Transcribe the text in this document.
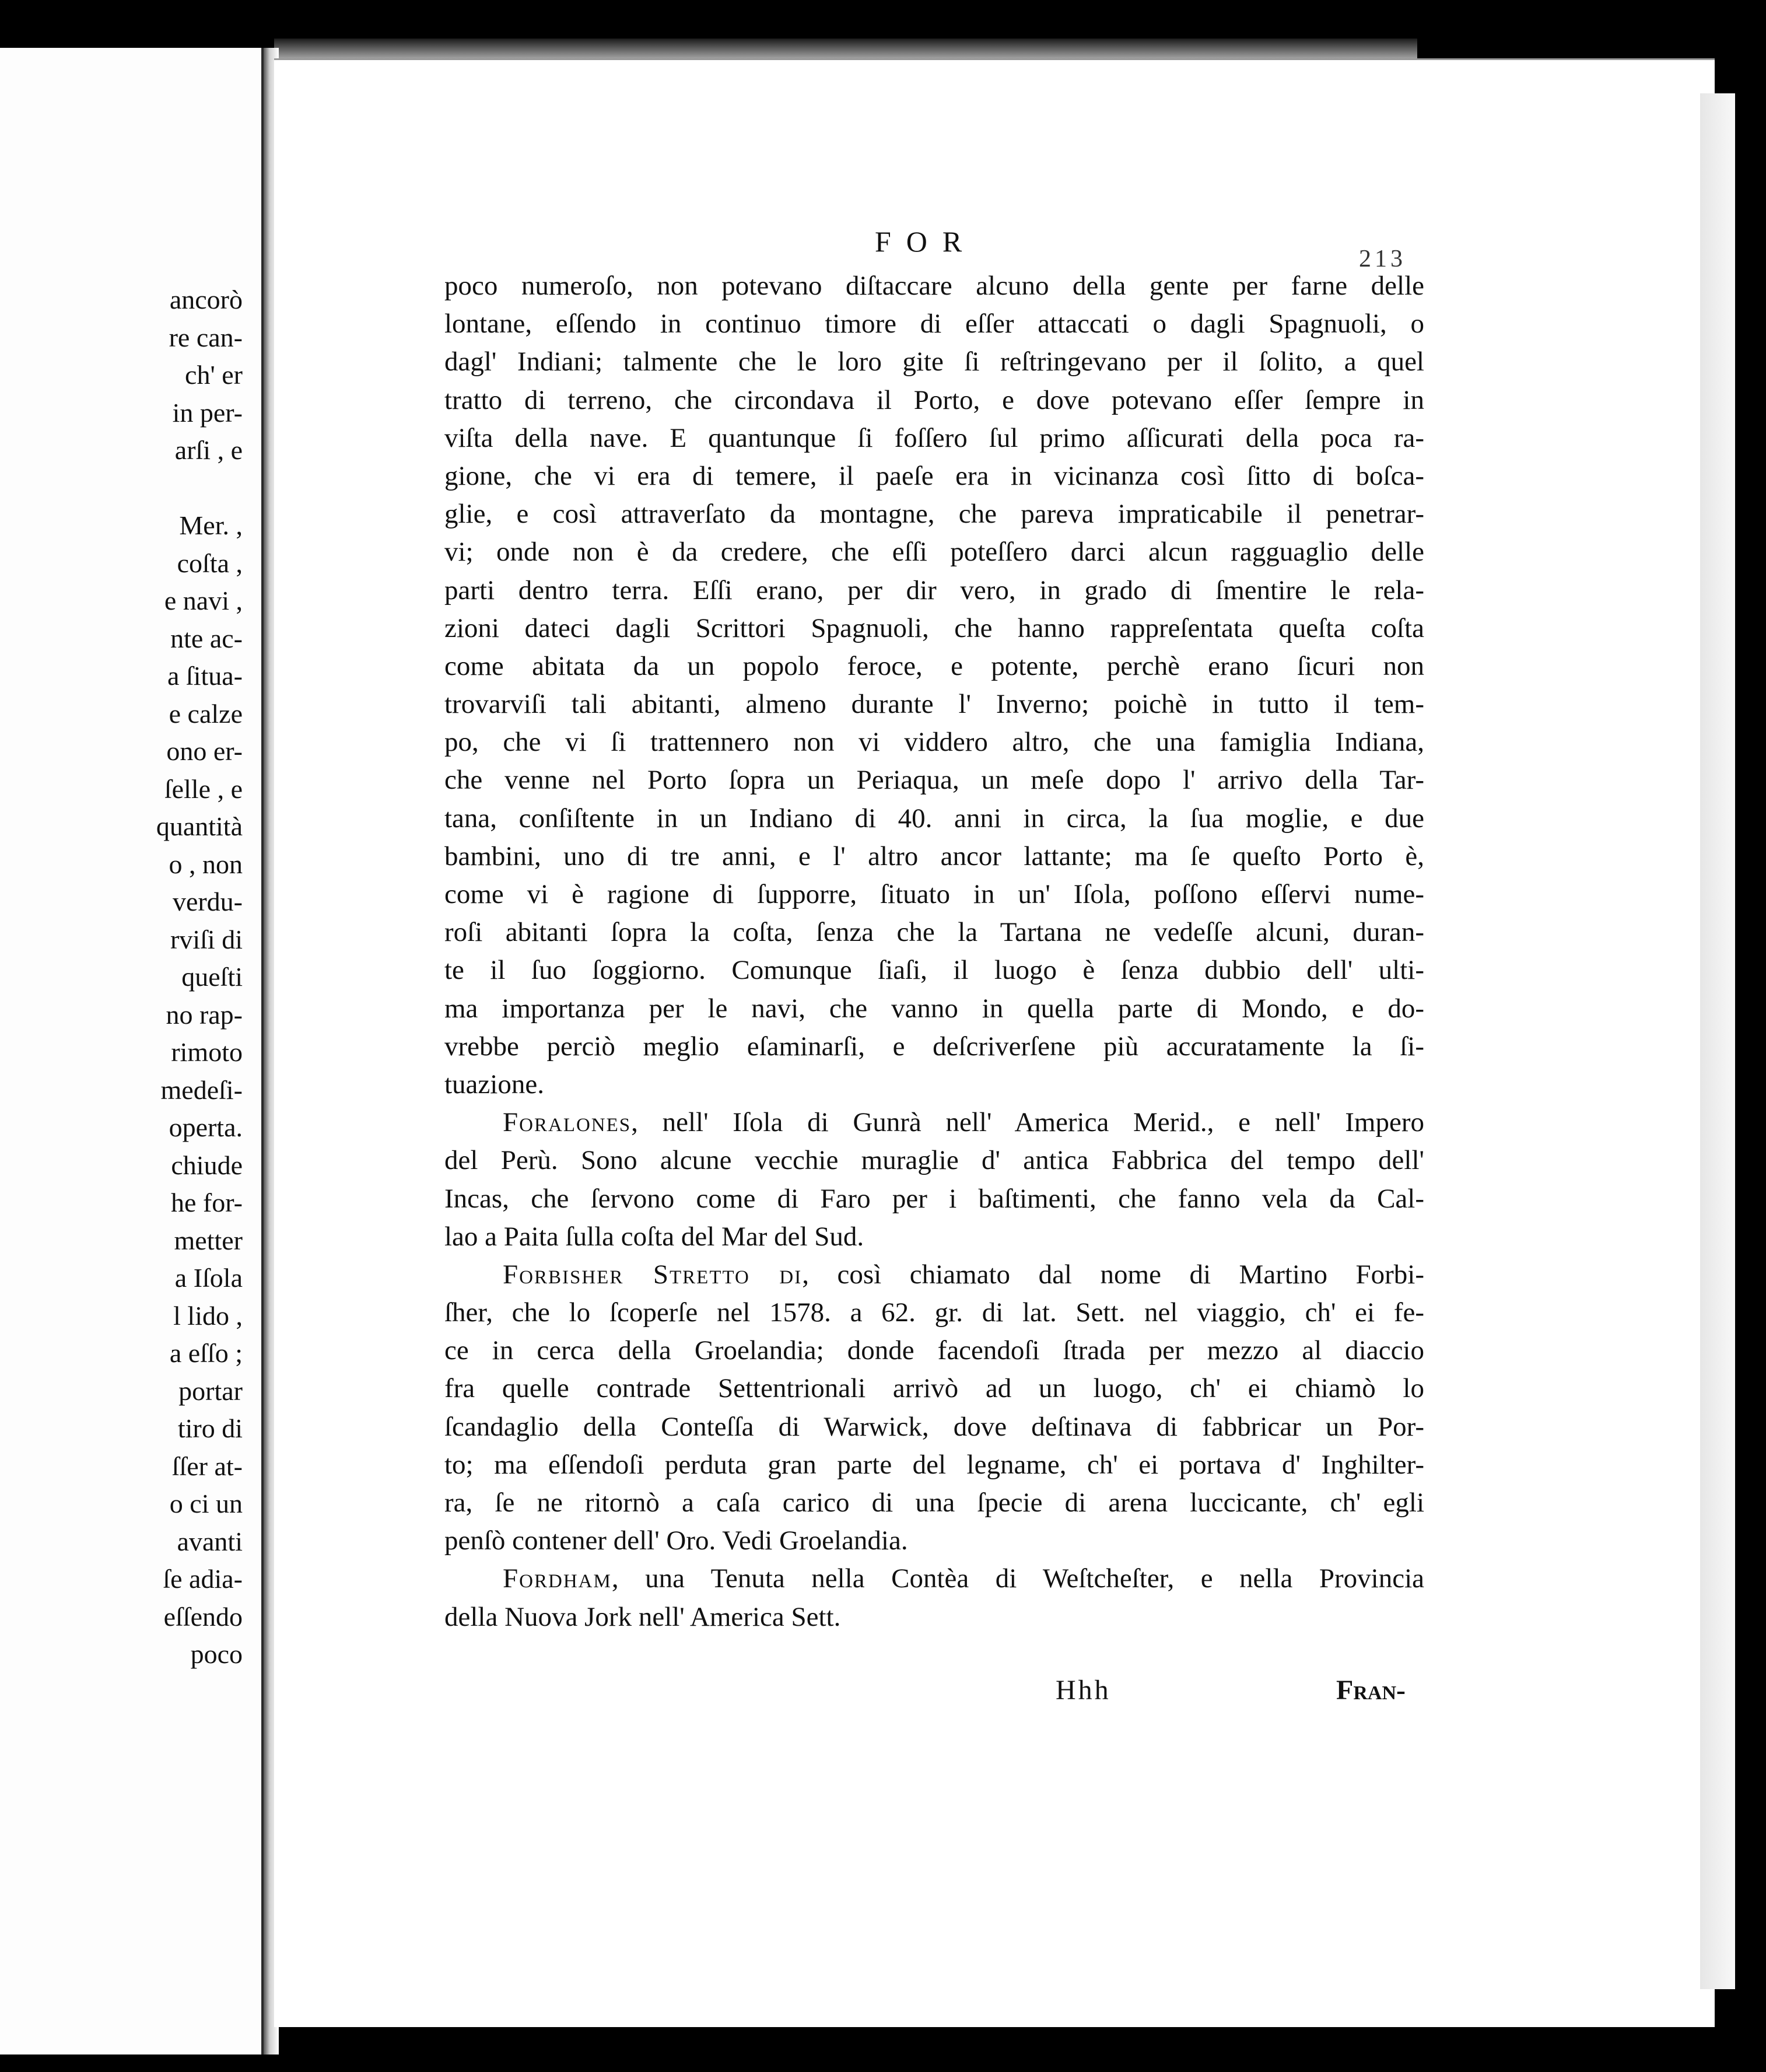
ancorò
re can-
ch' er
in per-
arſi , e
Mer. ,
coſta ,
e navi ,
nte ac-
a ſitua-
e calze
ono er-
ſelle , e
quantità
o , non
verdu-
rviſi di
queſti
no rap-
rimoto
medeſi-
operta.
chiude
he for-
metter
a Iſola
l lido ,
a eſſo ;
portar
tiro di
ſſer at-
o ci un
avanti
ſe adia-
eſſendo
poco
FOR
213
poco numeroſo, non potevano diſtaccare alcuno della gente per farne delle
lontane, eſſendo in continuo timore di eſſer attaccati o dagli Spagnuoli, o
dagl' Indiani; talmente che le loro gite ſi reſtringevano per il ſolito, a quel
tratto di terreno, che circondava il Porto, e dove potevano eſſer ſempre in
viſta della nave. E quantunque ſi foſſero ſul primo aſſicurati della poca ra-
gione, che vi era di temere, il paeſe era in vicinanza così ſitto di boſca-
glie, e così attraverſato da montagne, che pareva impraticabile il penetrar-
vi; onde non è da credere, che eſſi poteſſero darci alcun ragguaglio delle
parti dentro terra. Eſſi erano, per dir vero, in grado di ſmentire le rela-
zioni dateci dagli Scrittori Spagnuoli, che hanno rappreſentata queſta coſta
come abitata da un popolo feroce, e potente, perchè erano ſicuri non
trovarviſi tali abitanti, almeno durante l' Inverno; poichè in tutto il tem-
po, che vi ſi trattennero non vi viddero altro, che una famiglia Indiana,
che venne nel Porto ſopra un Periaqua, un meſe dopo l' arrivo della Tar-
tana, conſiſtente in un Indiano di 40. anni in circa, la ſua moglie, e due
bambini, uno di tre anni, e l' altro ancor lattante; ma ſe queſto Porto è,
come vi è ragione di ſupporre, ſituato in un' Iſola, poſſono eſſervi nume-
roſi abitanti ſopra la coſta, ſenza che la Tartana ne vedeſſe alcuni, duran-
te il ſuo ſoggiorno. Comunque ſiaſi, il luogo è ſenza dubbio dell' ulti-
ma importanza per le navi, che vanno in quella parte di Mondo, e do-
vrebbe perciò meglio eſaminarſi, e deſcriverſene più accuratamente la ſi-
tuazione.
Foralones, nell' Iſola di Gunrà nell' America Merid., e nell' Impero
del Perù. Sono alcune vecchie muraglie d' antica Fabbrica del tempo dell'
Incas, che ſervono come di Faro per i baſtimenti, che fanno vela da Cal-
lao a Paita ſulla coſta del Mar del Sud.
Forbisher Stretto di, così chiamato dal nome di Martino Forbi-
ſher, che lo ſcoperſe nel 1578. a 62. gr. di lat. Sett. nel viaggio, ch' ei fe-
ce in cerca della Groelandia; donde facendoſi ſtrada per mezzo al diaccio
fra quelle contrade Settentrionali arrivò ad un luogo, ch' ei chiamò lo
ſcandaglio della Conteſſa di Warwick, dove deſtinava di fabbricar un Por-
to; ma eſſendoſi perduta gran parte del legname, ch' ei portava d' Inghilter-
ra, ſe ne ritornò a caſa carico di una ſpecie di arena luccicante, ch' egli
penſò contener dell' Oro. Vedi Groelandia.
Fordham, una Tenuta nella Contèa di Weſtcheſter, e nella Provincia
della Nuova Jork nell' America Sett.
Hhh	Fran-
